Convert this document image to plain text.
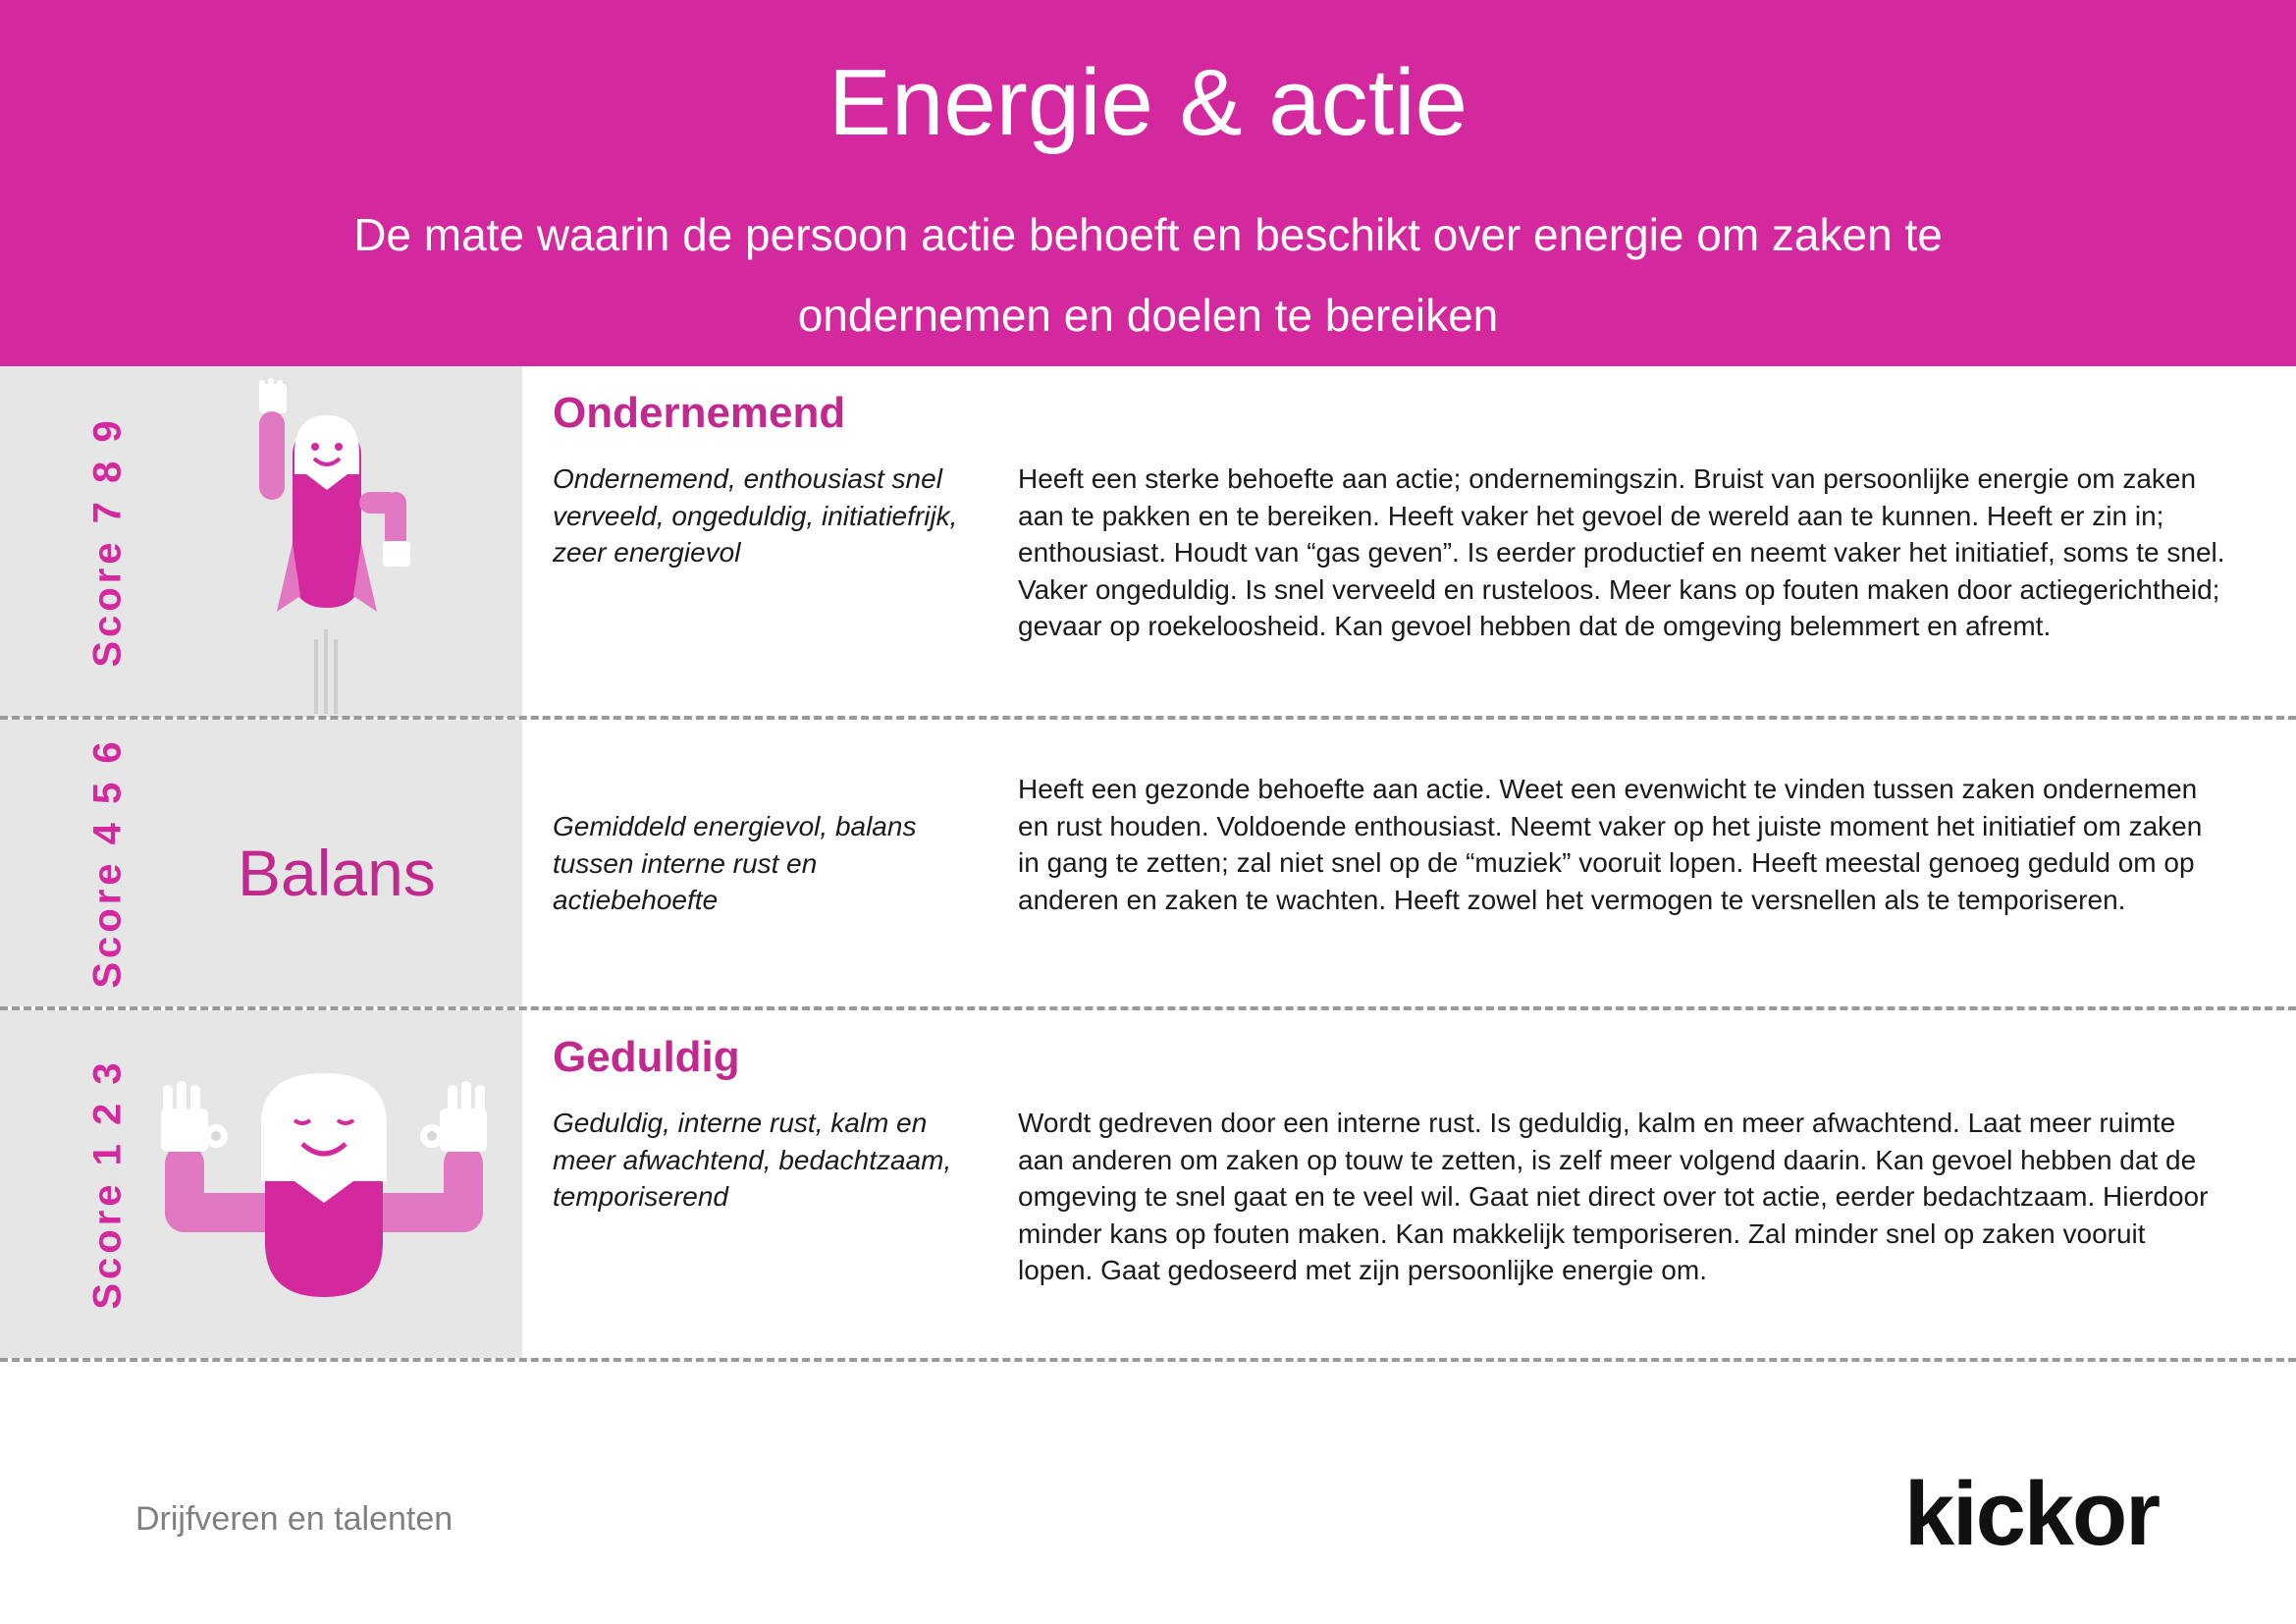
Energie & actie
De mate waarin de persoon actie behoeft en beschikt over energie om zaken te ondernemen en doelen te bereiken
Score 7 8 9
Ondernemend
Ondernemend, enthousiast snel verveeld, ongeduldig, initiatiefrijk, zeer energievol
Heeft een sterke behoefte aan actie; ondernemingszin. Bruist van persoonlijke energie om zaken aan te pakken en te bereiken. Heeft vaker het gevoel de wereld aan te kunnen. Heeft er zin in; enthousiast. Houdt van “gas geven”. Is eerder productief en neemt vaker het initiatief, soms te snel. Vaker ongeduldig. Is snel verveeld en rusteloos. Meer kans op fouten maken door actiegerichtheid; gevaar op roekeloosheid. Kan gevoel hebben dat de omgeving belemmert en afremt.
Score 4 5 6 Balans
Gemiddeld energievol, balans tussen interne rust en actiebehoefte
Heeft een gezonde behoefte aan actie. Weet een evenwicht te vinden tussen zaken ondernemen en rust houden. Voldoende enthousiast. Neemt vaker op het juiste moment het initiatief om zaken in gang te zetten; zal niet snel op de “muziek” vooruit lopen. Heeft meestal genoeg geduld om op anderen en zaken te wachten. Heeft zowel het vermogen te versnellen als te temporiseren.
Score 1 2 3
Geduldig
Geduldig, interne rust, kalm en meer afwachtend, bedachtzaam, temporiserend
Wordt gedreven door een interne rust. Is geduldig, kalm en meer afwachtend. Laat meer ruimte aan anderen om zaken op touw te zetten, is zelf meer volgend daarin. Kan gevoel hebben dat de omgeving te snel gaat en te veel wil. Gaat niet direct over tot actie, eerder bedachtzaam. Hierdoor minder kans op fouten maken. Kan makkelijk temporiseren. Zal minder snel op zaken vooruit lopen. Gaat gedoseerd met zijn persoonlijke energie om.
Drijfveren en talenten	kickor
